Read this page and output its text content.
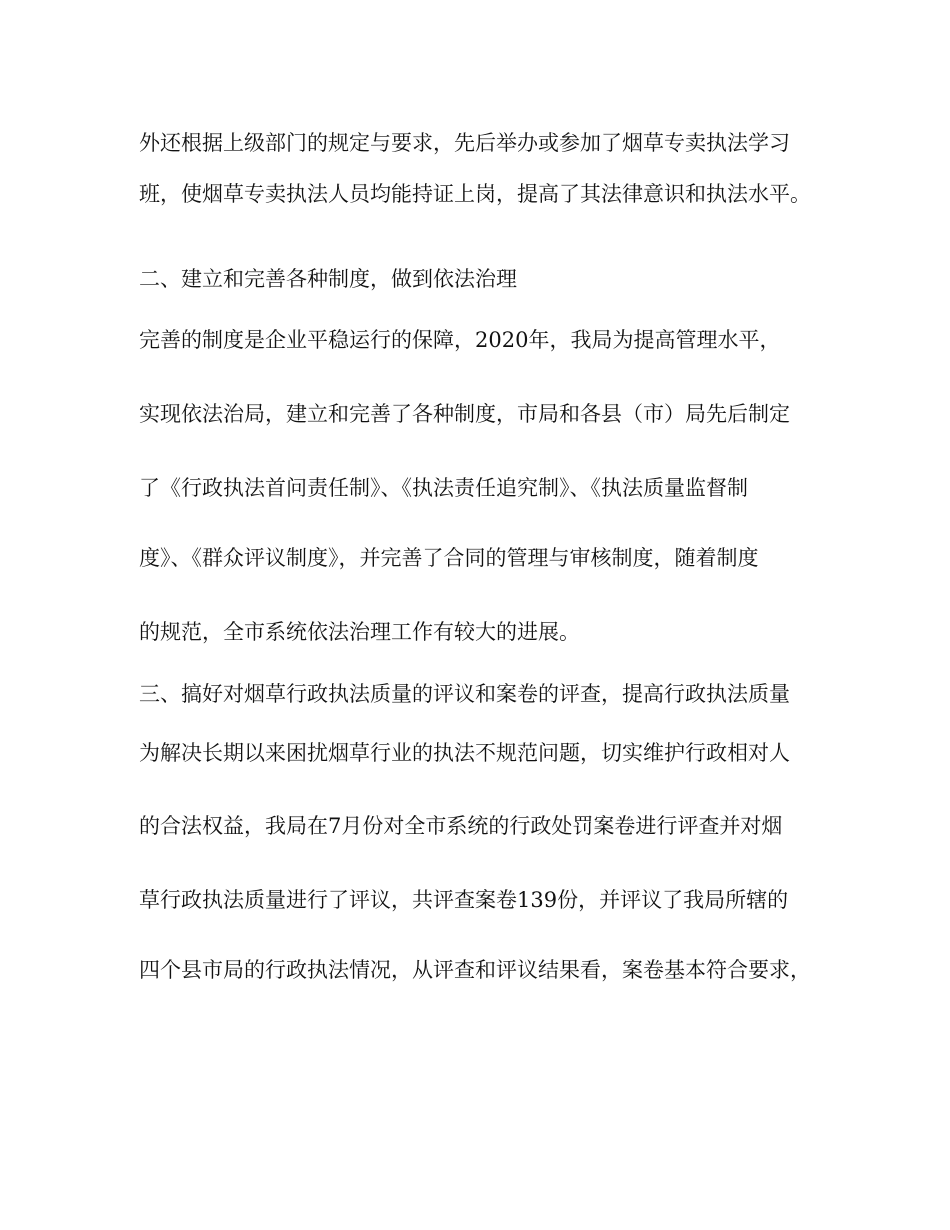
外还根据上级部门的规定与要求，先后举办或参加了烟草专卖执法学习
班，使烟草专卖执法人员均能持证上岗，提高了其法律意识和执法水平。
二、建立和完善各种制度，做到依法治理
完善的制度是企业平稳运行的保障，2020年，我局为提高管理水平，
实现依法治局，建立和完善了各种制度，市局和各县（市）局先后制定
了《行政执法首问责任制》、《执法责任追究制》、《执法质量监督制
度》、《群众评议制度》，并完善了合同的管理与审核制度，随着制度
的规范，全市系统依法治理工作有较大的进展。
三、搞好对烟草行政执法质量的评议和案卷的评查，提高行政执法质量
为解决长期以来困扰烟草行业的执法不规范问题，切实维护行政相对人
的合法权益，我局在7月份对全市系统的行政处罚案卷进行评查并对烟
草行政执法质量进行了评议，共评查案卷139份，并评议了我局所辖的
四个县市局的行政执法情况，从评查和评议结果看，案卷基本符合要求，
